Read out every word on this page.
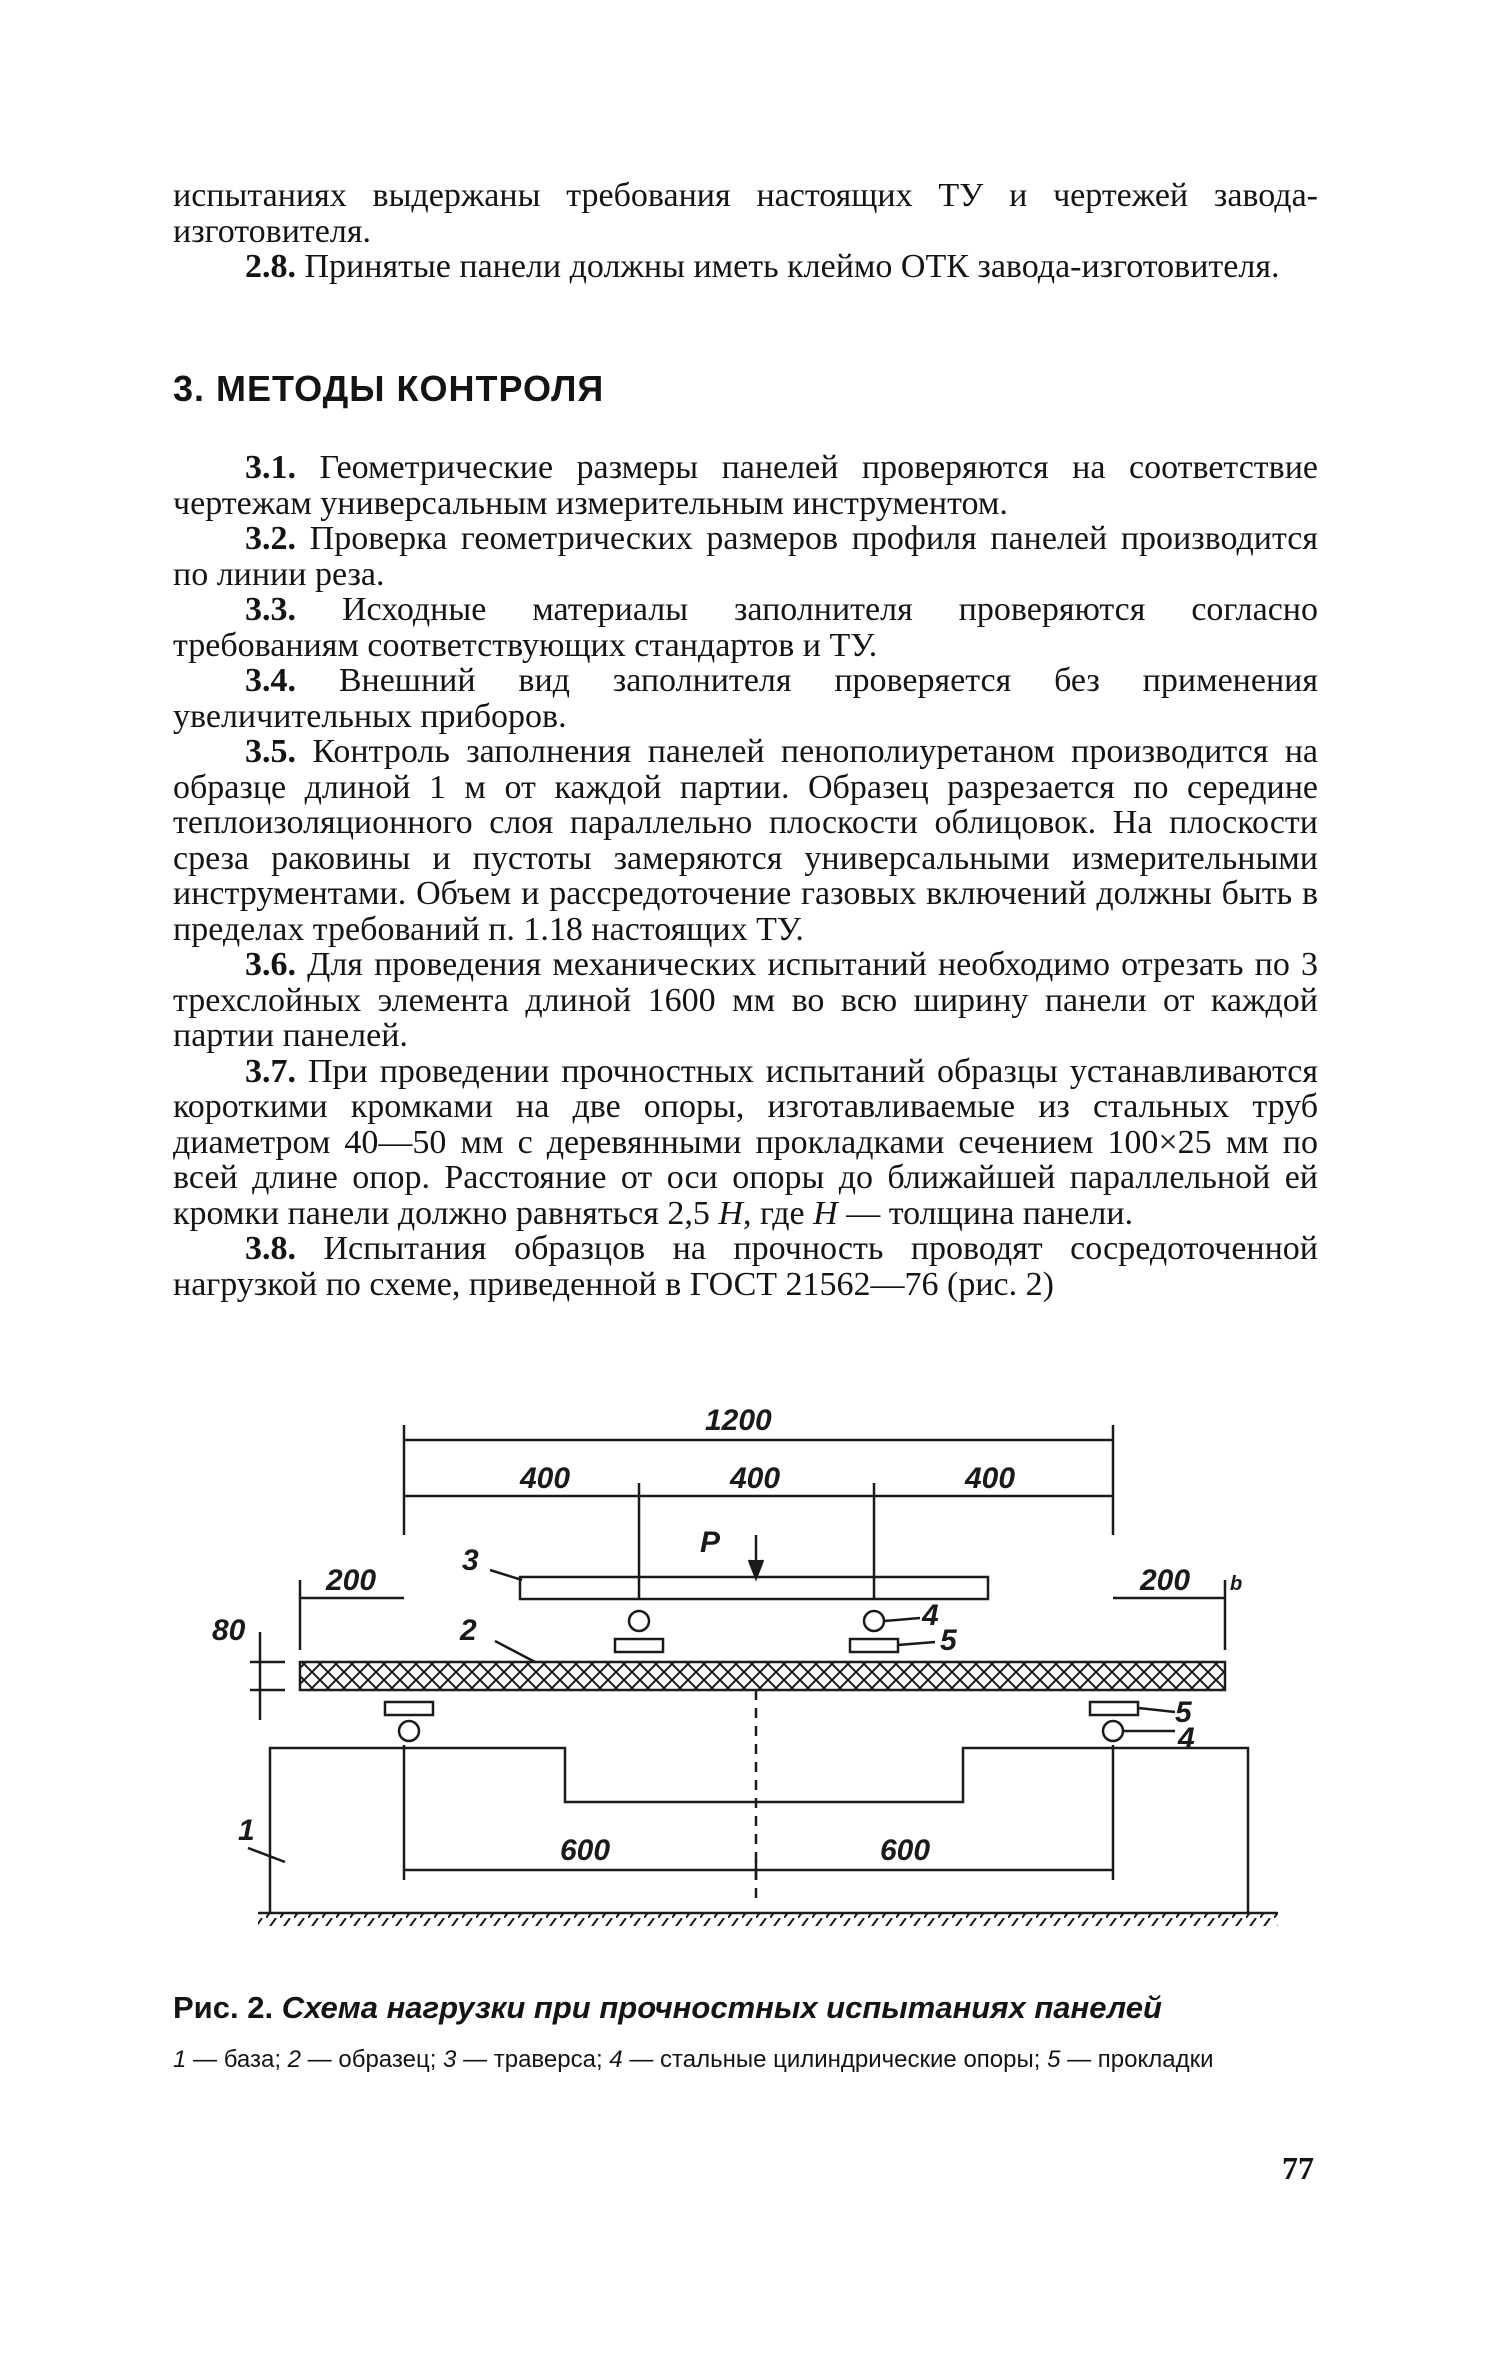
испытаниях выдержаны требования настоящих ТУ и чертежей завода-изготовителя.

2.8. Принятые панели должны иметь клеймо ОТК завода-изготовителя.

3. МЕТОДЫ КОНТРОЛЯ

3.1. Геометрические размеры панелей проверяются на соответствие чертежам универсальным измерительным инструментом.

3.2. Проверка геометрических размеров профиля панелей производится по линии реза.

3.3. Исходные материалы заполнителя проверяются согласно требованиям соответствующих стандартов и ТУ.

3.4. Внешний вид заполнителя проверяется без применения увеличительных приборов.

3.5. Контроль заполнения панелей пенополиуретаном производится на образце длиной 1 м от каждой партии. Образец разрезается по середине теплоизоляционного слоя параллельно плоскости облицовок. На плоскости среза раковины и пустоты замеряются универсальными измерительными инструментами. Объем и рассредоточение газовых включений должны быть в пределах требований п. 1.18 настоящих ТУ.

3.6. Для проведения механических испытаний необходимо отрезать по 3 трехслойных элемента длиной 1600 мм во всю ширину панели от каждой партии панелей.

3.7. При проведении прочностных испытаний образцы устанавливаются короткими кромками на две опоры, изготавливаемые из стальных труб диаметром 40—50 мм с деревянными прокладками сечением 100×25 мм по всей длине опор. Расстояние от оси опоры до ближайшей параллельной ей кромки панели должно равняться 2,5 Н, где Н — толщина панели.

3.8. Испытания образцов на прочность проводят сосредоточенной нагрузкой по схеме, приведенной в ГОСТ 21562—76 (рис. 2)

1200
400	400	400
200	200 b
80
600	600
3
P
2	4
5
5
4
1

Рис. 2. Схема нагрузки при прочностных испытаниях панелей

1 — база; 2 — образец; 3 — траверса; 4 — стальные цилиндрические опоры; 5 — прокладки

77
